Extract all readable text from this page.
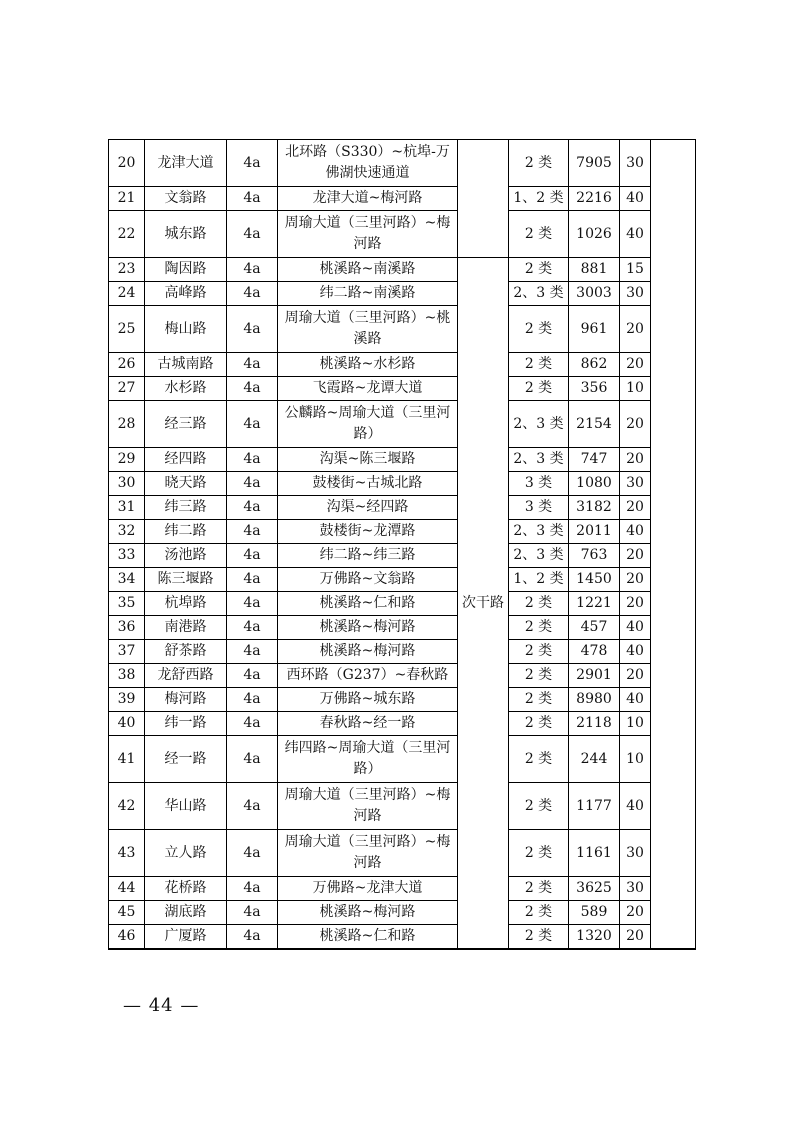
20	龙津大道	4a	北环路（S330）~杭埠-万佛湖快速通道		2 类	7905	30	
21	文翁路	4a	龙津大道~梅河路		1、2 类	2216	40	
22	城东路	4a	周瑜大道（三里河路）~梅河路		2 类	1026	40	
23	陶因路	4a	桃溪路~南溪路	次干路	2 类	881	15	
24	高峰路	4a	纬二路~南溪路		2、3 类	3003	30	
25	梅山路	4a	周瑜大道（三里河路）~桃溪路		2 类	961	20	
26	古城南路	4a	桃溪路~水杉路		2 类	862	20	
27	水杉路	4a	飞霞路~龙谭大道		2 类	356	10	
28	经三路	4a	公麟路~周瑜大道（三里河路）		2、3 类	2154	20	
29	经四路	4a	沟渠~陈三堰路		2、3 类	747	20	
30	晓天路	4a	鼓楼街~古城北路		3 类	1080	30	
31	纬三路	4a	沟渠~经四路		3 类	3182	20	
32	纬二路	4a	鼓楼街~龙潭路		2、3 类	2011	40	
33	汤池路	4a	纬二路~纬三路		2、3 类	763	20	
34	陈三堰路	4a	万佛路~文翁路		1、2 类	1450	20	
35	杭埠路	4a	桃溪路~仁和路		2 类	1221	20	
36	南港路	4a	桃溪路~梅河路		2 类	457	40	
37	舒茶路	4a	桃溪路~梅河路		2 类	478	40	
38	龙舒西路	4a	西环路（G237）~春秋路		2 类	2901	20	
39	梅河路	4a	万佛路~城东路		2 类	8980	40	
40	纬一路	4a	春秋路~经一路		2 类	2118	10	
41	经一路	4a	纬四路~周瑜大道（三里河路）		2 类	244	10	
42	华山路	4a	周瑜大道（三里河路）~梅河路		2 类	1177	40	
43	立人路	4a	周瑜大道（三里河路）~梅河路		2 类	1161	30	
44	花桥路	4a	万佛路~龙津大道		2 类	3625	30	
45	湖底路	4a	桃溪路~梅河路		2 类	589	20	
46	广厦路	4a	桃溪路~仁和路		2 类	1320	20	
— 44 —
